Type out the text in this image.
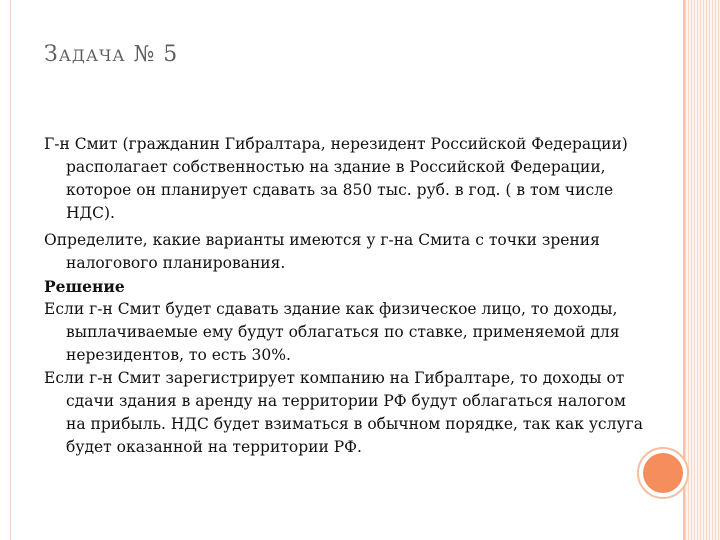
ЗАДАЧА № 5

Г-н Смит (гражданин Гибралтара, нерезидент Российской Федерации) располагает собственностью на здание в Российской Федерации, которое он планирует сдавать за 850 тыс. руб. в год. ( в том числе НДС).

Определите, какие варианты имеются у г-на Смита с точки зрения налогового планирования.

Решение

Если г-н Смит будет сдавать здание как физическое лицо, то доходы, выплачиваемые ему будут облагаться по ставке, применяемой для нерезидентов, то есть 30%.

Если г-н Смит зарегистрирует компанию на Гибралтаре, то доходы от сдачи здания в аренду на территории РФ будут облагаться налогом на прибыль. НДС будет взиматься в обычном порядке, так как услуга будет оказанной на территории РФ.
